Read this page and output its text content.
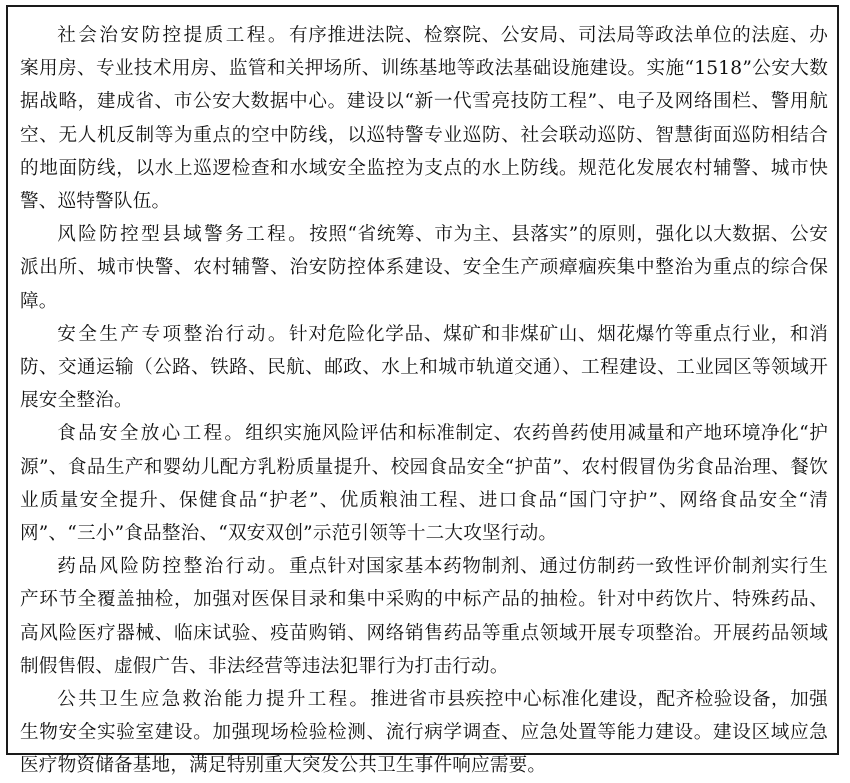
社会治安防控提质工程。有序推进法院、检察院、公安局、司法局等政法单位的法庭、办案用房、专业技术用房、监管和关押场所、训练基地等政法基础设施建设。实施“1518”公安大数据战略，建成省、市公安大数据中心。建设以“新一代雪亮技防工程”、电子及网络围栏、警用航空、无人机反制等为重点的空中防线，以巡特警专业巡防、社会联动巡防、智慧街面巡防相结合的地面防线，以水上巡逻检查和水域安全监控为支点的水上防线。规范化发展农村辅警、城市快警、巡特警队伍。

风险防控型县域警务工程。按照“省统筹、市为主、县落实”的原则，强化以大数据、公安派出所、城市快警、农村辅警、治安防控体系建设、安全生产顽瘴痼疾集中整治为重点的综合保障。

安全生产专项整治行动。针对危险化学品、煤矿和非煤矿山、烟花爆竹等重点行业，和消防、交通运输（公路、铁路、民航、邮政、水上和城市轨道交通）、工程建设、工业园区等领域开展安全整治。

食品安全放心工程。组织实施风险评估和标准制定、农药兽药使用减量和产地环境净化“护源”、食品生产和婴幼儿配方乳粉质量提升、校园食品安全“护苗”、农村假冒伪劣食品治理、餐饮业质量安全提升、保健食品“护老”、优质粮油工程、进口食品“国门守护”、网络食品安全“清网”、“三小”食品整治、“双安双创”示范引领等十二大攻坚行动。

药品风险防控整治行动。重点针对国家基本药物制剂、通过仿制药一致性评价制剂实行生产环节全覆盖抽检，加强对医保目录和集中采购的中标产品的抽检。针对中药饮片、特殊药品、高风险医疗器械、临床试验、疫苗购销、网络销售药品等重点领域开展专项整治。开展药品领域制假售假、虚假广告、非法经营等违法犯罪行为打击行动。

公共卫生应急救治能力提升工程。推进省市县疾控中心标准化建设，配齐检验设备，加强生物安全实验室建设。加强现场检验检测、流行病学调查、应急处置等能力建设。建设区域应急医疗物资储备基地，满足特别重大突发公共卫生事件响应需要。
